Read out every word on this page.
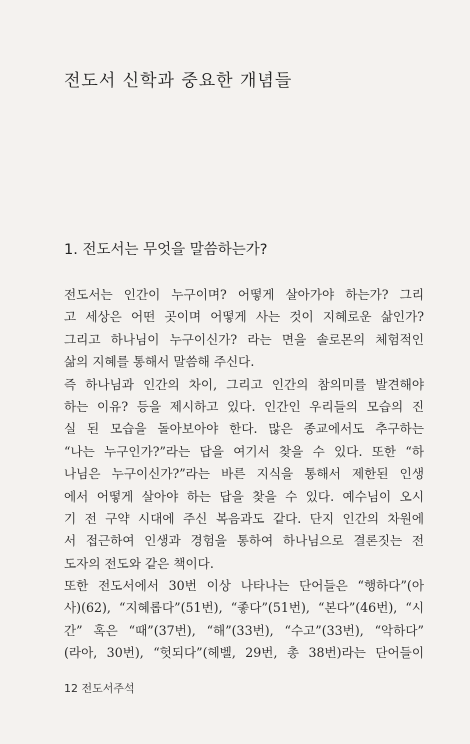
전도서 신학과 중요한 개념들
1. 전도서는 무엇을 말씀하는가?
전도서는 인간이 누구이며? 어떻게 살아가야 하는가? 그리
고 세상은 어떤 곳이며 어떻게 사는 것이 지혜로운 삶인가?
그리고 하나님이 누구이신가? 라는 면을 솔로몬의 체험적인
삶의 지혜를 통해서 말씀해 주신다.
즉 하나님과 인간의 차이, 그리고 인간의 참의미를 발견해야
하는 이유? 등을 제시하고 있다. 인간인 우리들의 모습의 진
실 된 모습을 돌아보아야 한다. 많은 종교에서도 추구하는
“나는 누구인가?”라는 답을 여기서 찾을 수 있다. 또한 “하
나님은 누구이신가?”라는 바른 지식을 통해서 제한된 인생
에서 어떻게 살아야 하는 답을 찾을 수 있다. 예수님이 오시
기 전 구약 시대에 주신 복음과도 같다. 단지 인간의 차원에
서 접근하여 인생과 경험을 통하여 하나님으로 결론짓는 전
도자의 전도와 같은 책이다.
또한 전도서에서 30번 이상 나타나는 단어들은 “행하다”(아
사)(62), “지혜롭다”(51번), “좋다”(51번), “본다”(46번), “시
간” 혹은 “때”(37번), “해”(33번), “수고”(33번), “악하다”
(라아, 30번), “헛되다”(헤벨, 29번, 총 38번)라는 단어들이
12 전도서주석
